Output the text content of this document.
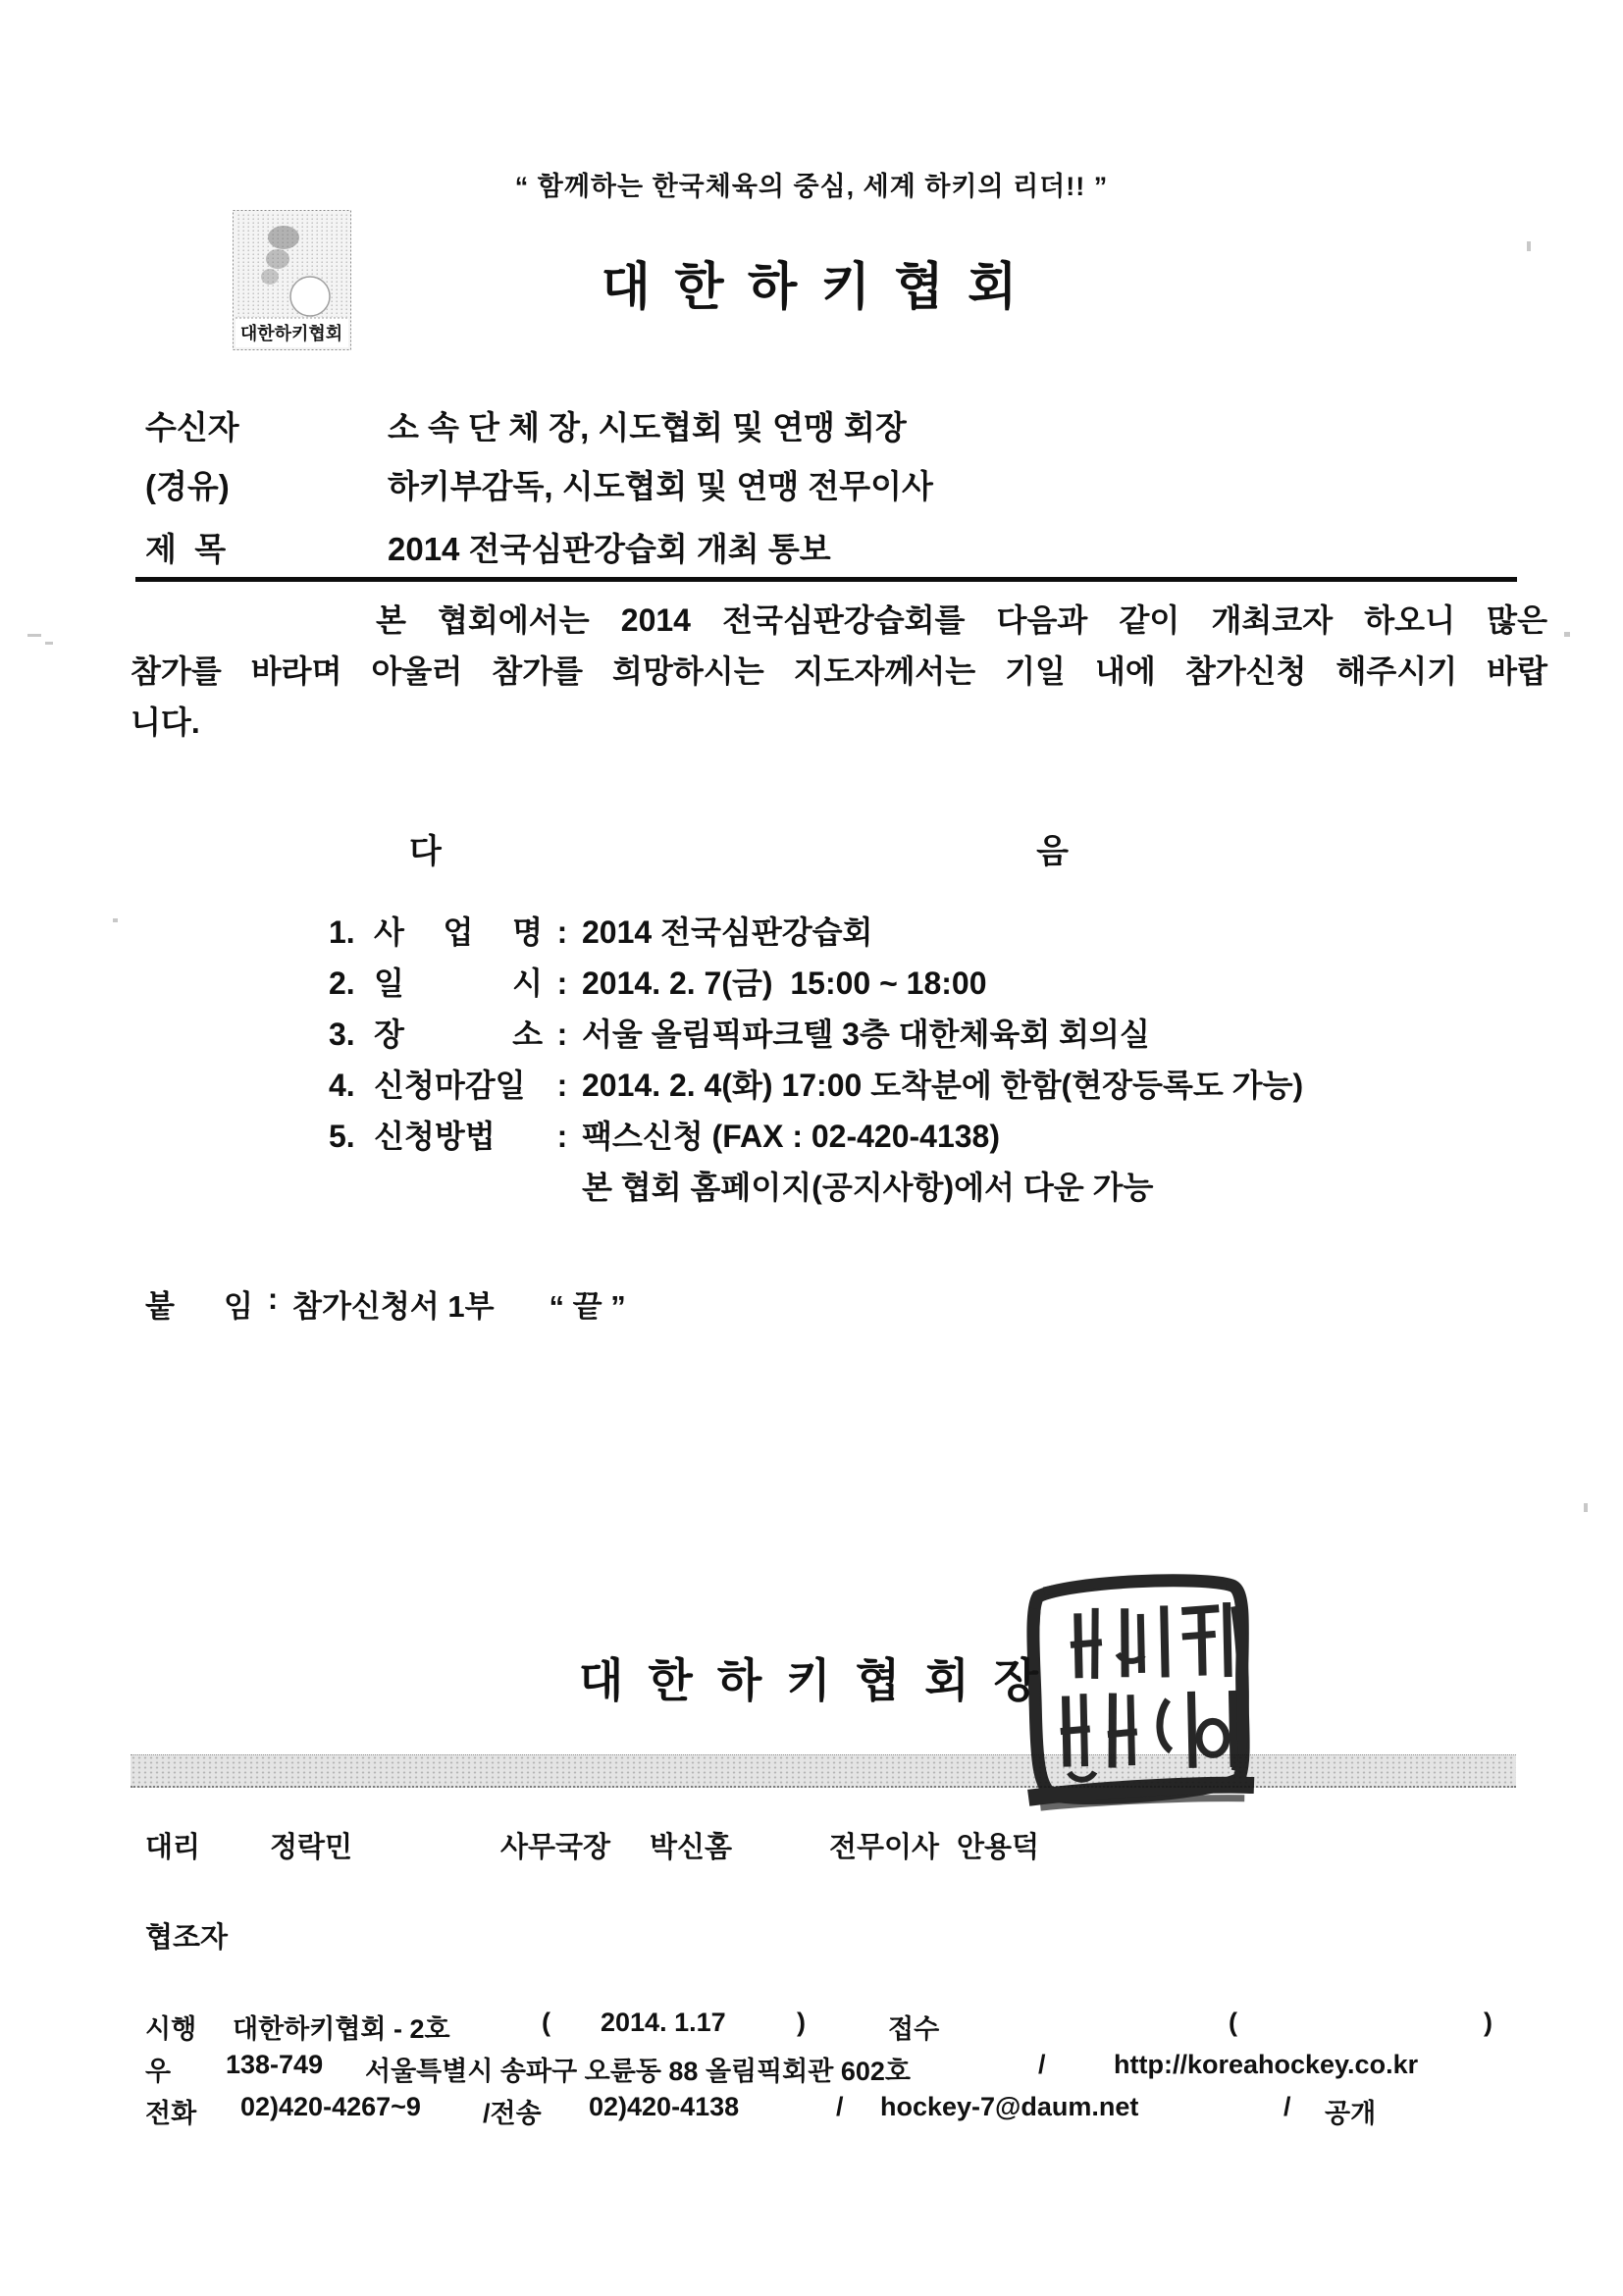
“ 함께하는 한국체육의 중심, 세계 하키의 리더!! ”
대한하키협회
대 한 하 키 협 회
수신자	소 속 단 체 장, 시도협회 및 연맹 회장
(경유)	하키부감독, 시도협회 및 연맹 전무이사
제  목	2014 전국심판강습회 개최 통보
본 협회에서는 2014 전국심판강습회를 다음과 같이 개최코자 하오니 많은
참가를 바라며 아울러 참가를 희망하시는 지도자께서는 기일 내에 참가신청 해주시기 바랍
니다.
다	음
1. 사 업 명 : 2014 전국심판강습회
2. 일 시 : 2014. 2. 7(금)  15:00 ~ 18:00
3. 장 소 : 서울 올림픽파크텔 3층 대한체육회 회의실
4. 신청마감일	: 2014. 2. 4(화) 17:00 도착분에 한함(현장등록도 가능)
5. 신청방법	: 팩스신청 (FAX : 02-420-4138)
본 협회 홈페이지(공지사항)에서 다운 가능
붙 임 : 참가신청서 1부 “ 끝 ”
대 한 하 키 협 회 장
대리 정락민	사무국장 박신홈	전무이사 안용덕
협조자
시행 대한하키협회 - 2호	( 2014. 1.17	)	접수	(	)
우 138-749 서울특별시 송파구 오륜동 88 올림픽회관 602호	/	http://koreahockey.co.kr
전화 02)420-4267~9 /전송 02)420-4138	/ hockey-7@daum.net	/ 공개
